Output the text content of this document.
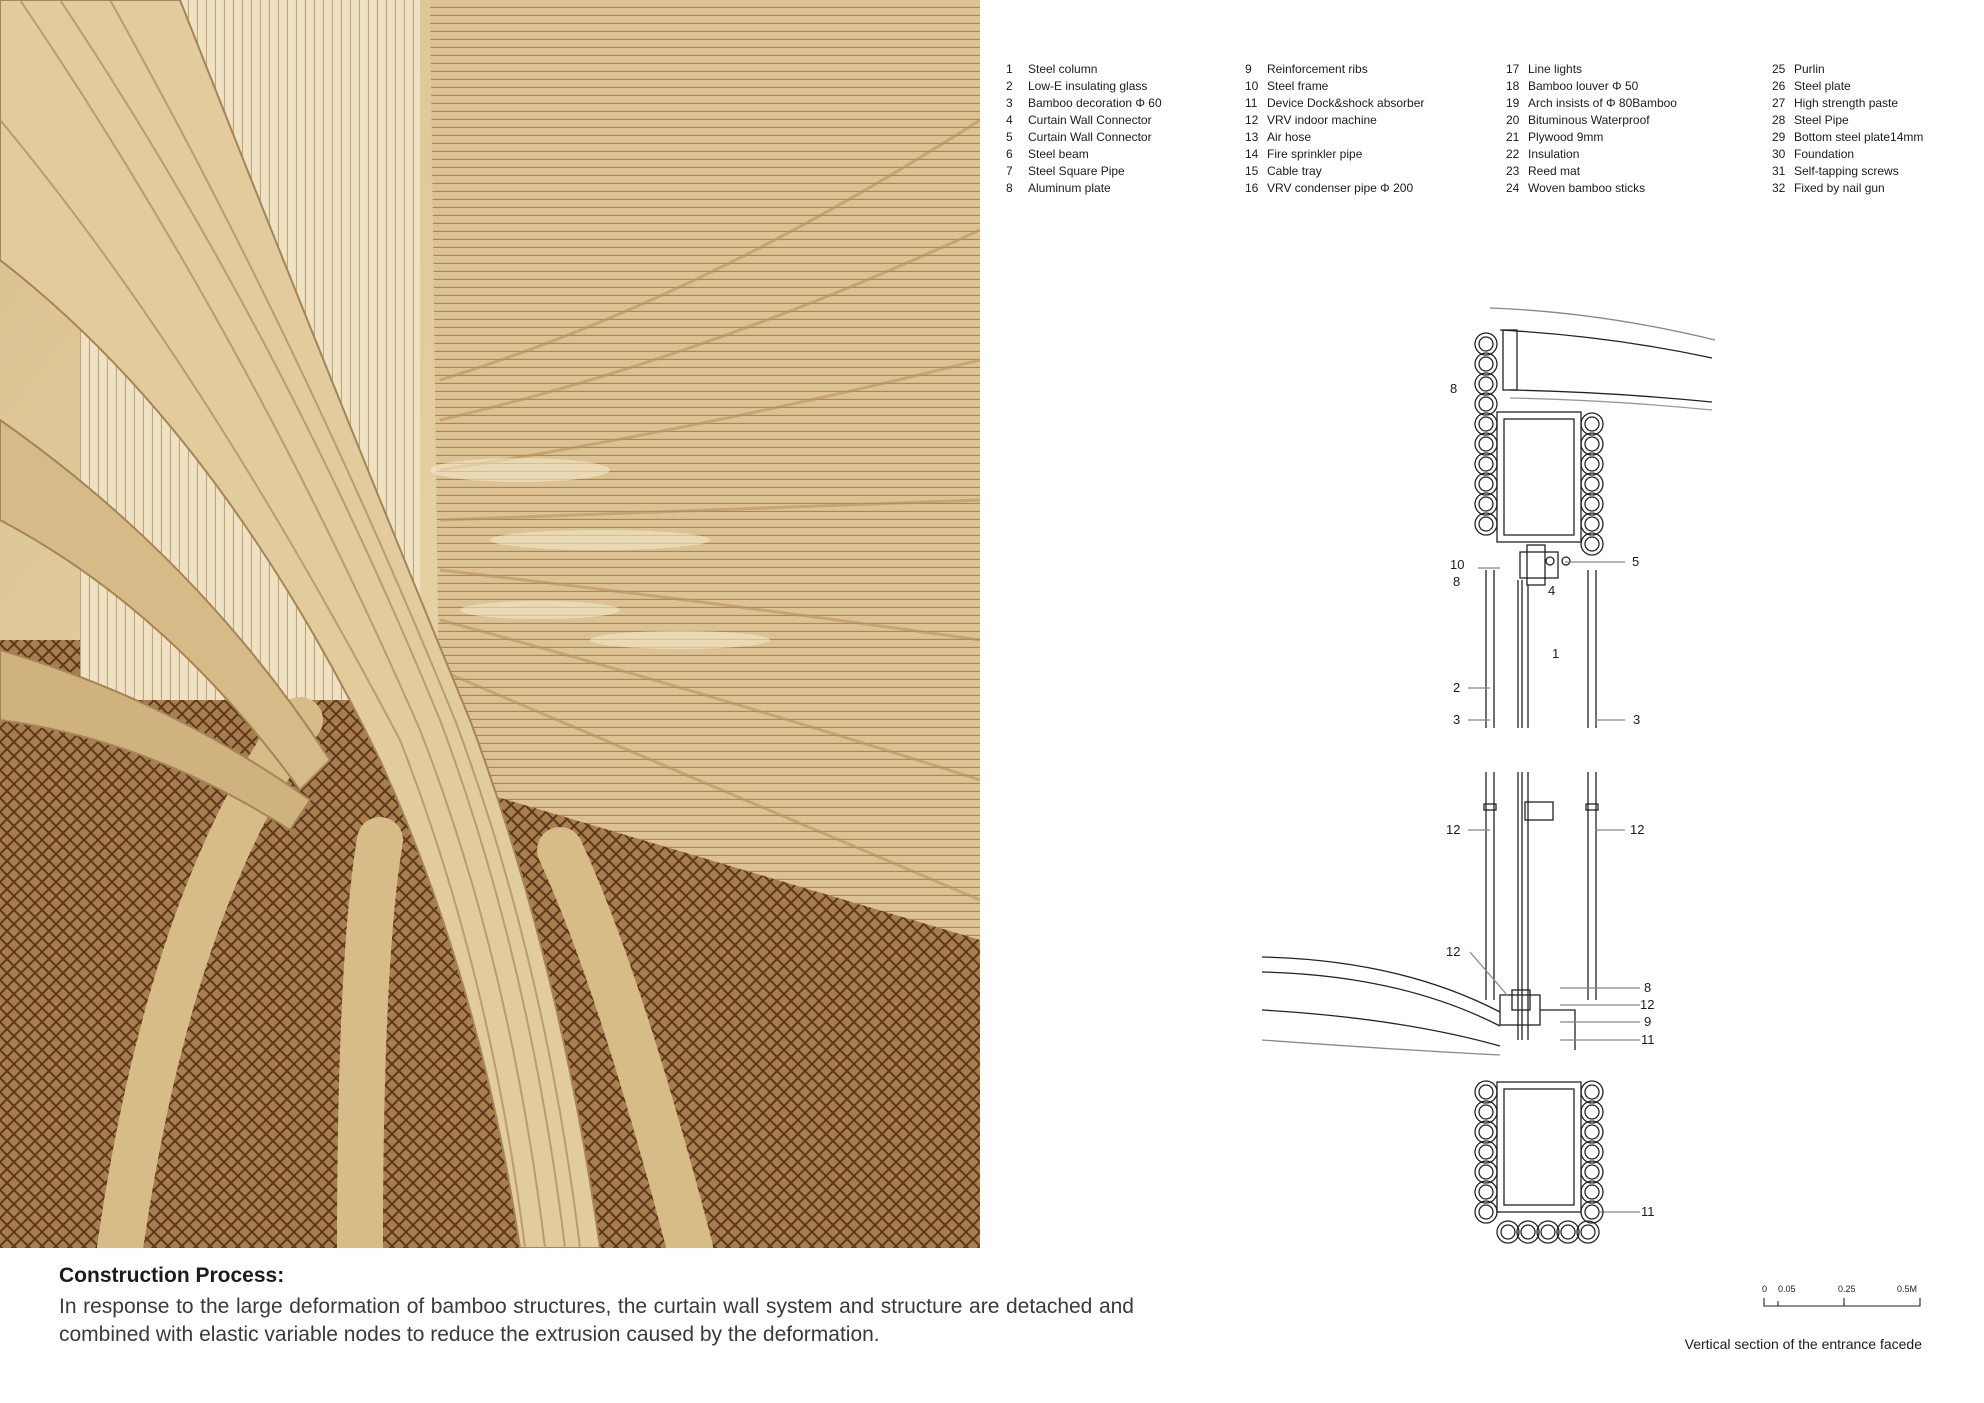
1	Steel column
2	Low-E insulating glass
3	Bamboo decoration Φ 60
4	Curtain Wall Connector
5	Curtain Wall Connector
6	Steel beam
7	Steel Square Pipe
8	Aluminum plate
9	Reinforcement ribs
10 Steel frame
11 Device Dock&shock absorber
12 VRV indoor machine
13 Air hose
14 Fire sprinkler pipe
15 Cable tray
16 VRV condenser pipe Φ 200
17 Line lights
18 Bamboo louver Φ 50
19 Arch insists of Φ 80Bamboo
20 Bituminous Waterproof
21 Plywood 9mm
22 Insulation
23 Reed mat
24 Woven bamboo sticks
25 Purlin
26 Steel plate
27 High strength paste
28 Steel Pipe
29 Bottom steel plate14mm
30 Foundation
31 Self-tapping screws
32 Fixed by nail gun
8
10
8
5
4
1
2
3	3
12	12
12
8
12
9
11
11
0 0.05	0.25	0.5M
Vertical section of the entrance facede
Construction Process:
In response to the large deformation of bamboo structures, the curtain wall system and structure are detached and combined with elastic variable nodes to reduce the extrusion caused by the deformation.
